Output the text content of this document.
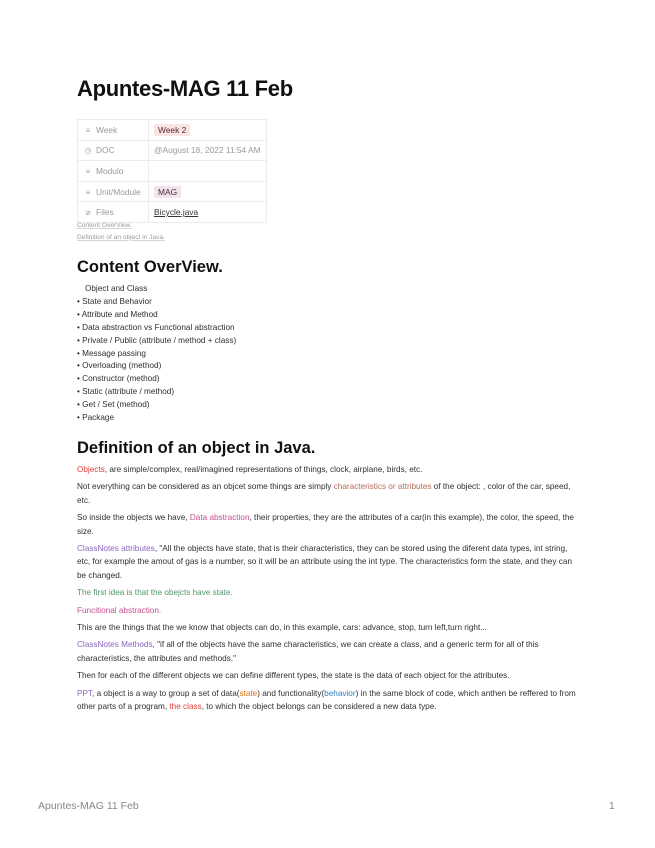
Apuntes-MAG 11 Feb
≡ Week	Week 2
◷ DOC	@August 18, 2022 11:54 AM
≡ Modulo	
≡ Unit/Module	MAG
⌀ Files	Bicycle.java
Content OverView.
Definition of an object in Java.
Content OverView.
Object and Class
• State and Behavior
• Attribute and Method
• Data abstraction vs Functional abstraction
• Private / Public (attribute / method + class)
• Message passing
• Overloading (method)
• Constructor (method)
• Static (attribute / method)
• Get / Set (method)
• Package
Definition of an object in Java.

Objects, are simple/complex, real/imagined representations of things, clock, airplane, birds, etc.

Not everything can be considered as an objcet some things are simply characteristics or attributes of the object: , color of the car, speed, etc.

So inside the objects we have, Data abstraction, their properties, they are the attributes of a car(in this example), the color, the speed, the size.

ClassNotes attributes, "All the objects have state, that is their characteristics, they can be stored using the diferent data types, int string, etc, for example the amout of gas is a number, so it will be an attribute using the int type. The characteristics form the state, and they can be changed.

The first idea is that the obejcts have state.

Funcitional abstraction.

This are the things that the we know that objects can do, in this example, cars: advance, stop, turn left,turn right...

ClassNotes Methods, "if all of the objects have the same characteristics, we can create a class, and a generic term for all of this characteristics, the attributes and methods."

Then for each of the different objects we can define different types, the state is the data of each object for the attributes.

PPT, a object is a way to group a set of data(state) and functionality(behavior) in the same block of code, which anthen be reffered to from other parts of a program, the class, to which the object belongs can be considered a new data type.

Apuntes-MAG 11 Feb	1
